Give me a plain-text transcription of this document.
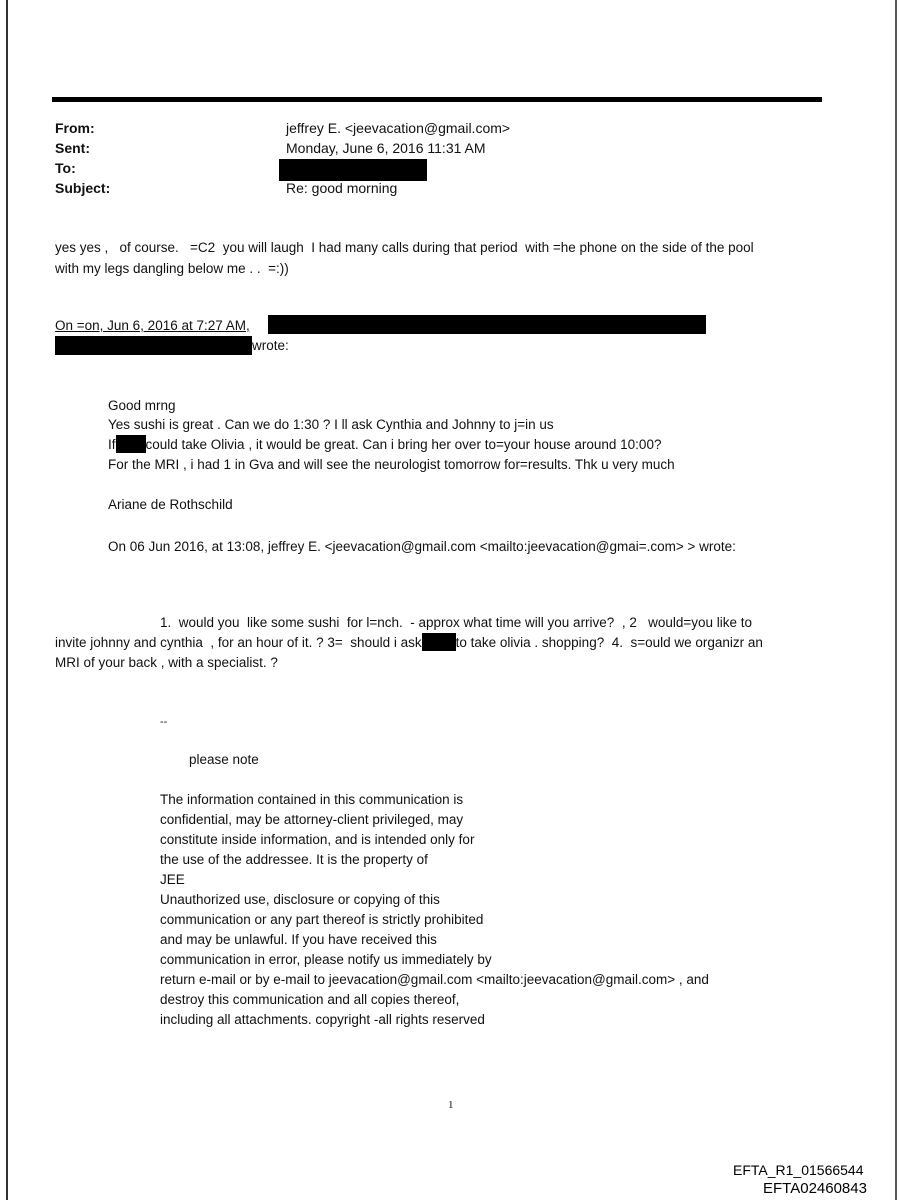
From:	jeffrey E. <jeevacation@gmail.com>
Sent:	Monday, June 6, 2016 11:31 AM
To:
Subject:	Re: good morning
yes yes ,   of course.   =C2  you will laugh  I had many calls during that period  with =he phone on the side of the pool
with my legs dangling below me . .  =:))
On =on, Jun 6, 2016 at 7:27 AM,
wrote:
Good mrng
Yes sushi is great . Can we do 1:30 ? I ll ask Cynthia and Johnny to j=in us
If could take Olivia , it would be great. Can i bring her over to=your house around 10:00?
For the MRI , i had 1 in Gva and will see the neurologist tomorrow for=results. Thk u very much
Ariane de Rothschild
On 06 Jun 2016, at 13:08, jeffrey E. <jeevacation@gmail.com <mailto:jeevacation@gmai=.com> > wrote:
1.  would you  like some sushi  for l=nch.  - approx what time will you arrive?  , 2   would=you like to
invite johnny and cynthia  , for an hour of it. ? 3=  should i ask	to take olivia . shopping?  4.  s=ould we organizr an
MRI of your back , with a specialist. ?
--
please note
The information contained in this communication is
confidential, may be attorney-client privileged, may
constitute inside information, and is intended only for
the use of the addressee. It is the property of
JEE
Unauthorized use, disclosure or copying of this
communication or any part thereof is strictly prohibited
and may be unlawful. If you have received this
communication in error, please notify us immediately by
return e-mail or by e-mail to jeevacation@gmail.com <mailto:jeevacation@gmail.com> , and
destroy this communication and all copies thereof,
including all attachments. copyright -all rights reserved
1
EFTA_R1_01566544
EFTA02460843
